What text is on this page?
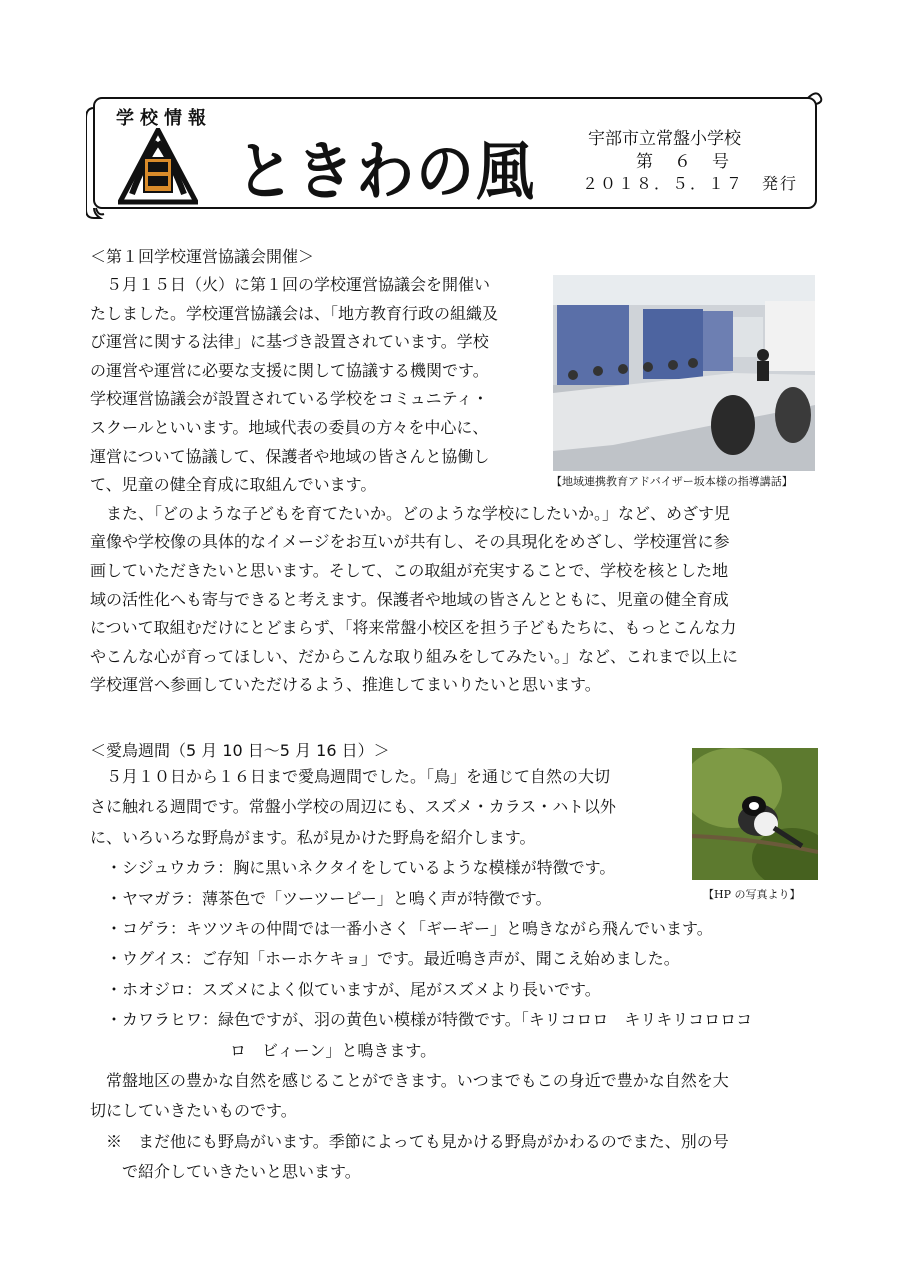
学校情報
ときわの風	宇部市立常盤小学校
第　６　号
２０１８．５．１７　発行
＜第１回学校運営協議会開催＞
　５月１５日（火）に第１回の学校運営協議会を開催い
たしました。学校運営協議会は、「地方教育行政の組織及
び運営に関する法律」に基づき設置されています。学校
の運営や運営に必要な支援に関して協議する機関です。
学校運営協議会が設置されている学校をコミュニティ・
スクールといいます。地域代表の委員の方々を中心に、
運営について協議して、保護者や地域の皆さんと協働し
て、児童の健全育成に取組んでいます。
　また、「どのような子どもを育てたいか。どのような学校にしたいか。」など、めざす児
童像や学校像の具体的なイメージをお互いが共有し、その具現化をめざし、学校運営に参
画していただきたいと思います。そして、この取組が充実することで、学校を核とした地
域の活性化へも寄与できると考えます。保護者や地域の皆さんとともに、児童の健全育成
について取組むだけにとどまらず、「将来常盤小校区を担う子どもたちに、もっとこんな力
やこんな心が育ってほしい、だからこんな取り組みをしてみたい。」など、これまで以上に
学校運営へ参画していただけるよう、推進してまいりたいと思います。
【地域連携教育アドバイザー坂本様の指導講話】
＜愛鳥週間（5 月 10 日～5 月 16 日）＞
　５月１０日から１６日まで愛鳥週間でした。「鳥」を通じて自然の大切
さに触れる週間です。常盤小学校の周辺にも、スズメ・カラス・ハト以外
に、いろいろな野鳥がます。私が見かけた野鳥を紹介します。
　・シジュウカラ：胸に黒いネクタイをしているような模様が特徴です。
　・ヤマガラ：薄茶色で「ツーツーピー」と鳴く声が特徴です。
　・コゲラ：キツツキの仲間では一番小さく「ギーギー」と鳴きながら飛んでいます。
　・ウグイス：ご存知「ホーホケキョ」です。最近鳴き声が、聞こえ始めました。
　・ホオジロ：スズメによく似ていますが、尾がスズメより長いです。
　・カワラヒワ：緑色ですが、羽の黄色い模様が特徴です。「キリコロロ　キリキリコロロコ
ロ　ビィーン」と鳴きます。
　常盤地区の豊かな自然を感じることができます。いつまでもこの身近で豊かな自然を大
切にしていきたいものです。
※　まだ他にも野鳥がいます。季節によっても見かける野鳥がかわるのでまた、別の号
で紹介していきたいと思います。
【HP の写真より】
